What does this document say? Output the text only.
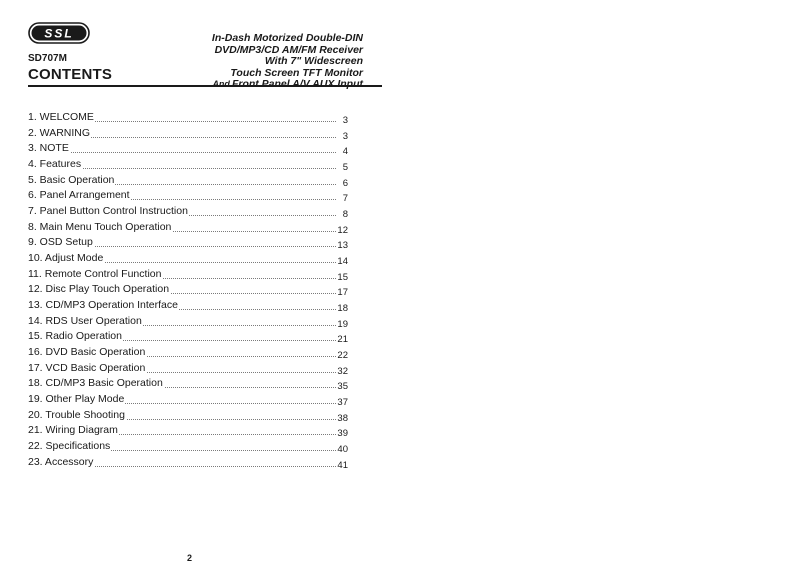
SSL
SD707M
CONTENTS
In-Dash Motorized Double-DIN
DVD/MP3/CD AM/FM Receiver
With 7" Widescreen
Touch Screen TFT Monitor
And Front Panel A/V AUX Input
1. WELCOME	3
2. WARNING	3
3. NOTE	4
4. Features	5
5. Basic Operation	6
6. Panel Arrangement	7
7. Panel Button Control Instruction	8
8. Main Menu Touch Operation	12
9. OSD Setup	13
10. Adjust Mode	14
11. Remote Control Function	15
12. Disc Play Touch Operation	17
13. CD/MP3 Operation Interface	18
14. RDS User Operation	19
15. Radio Operation	21
16. DVD Basic Operation	22
17. VCD Basic Operation	32
18. CD/MP3 Basic Operation	35
19. Other Play Mode	37
20. Trouble Shooting	38
21. Wiring Diagram	39
22. Specifications	40
23. Accessory	41
2
